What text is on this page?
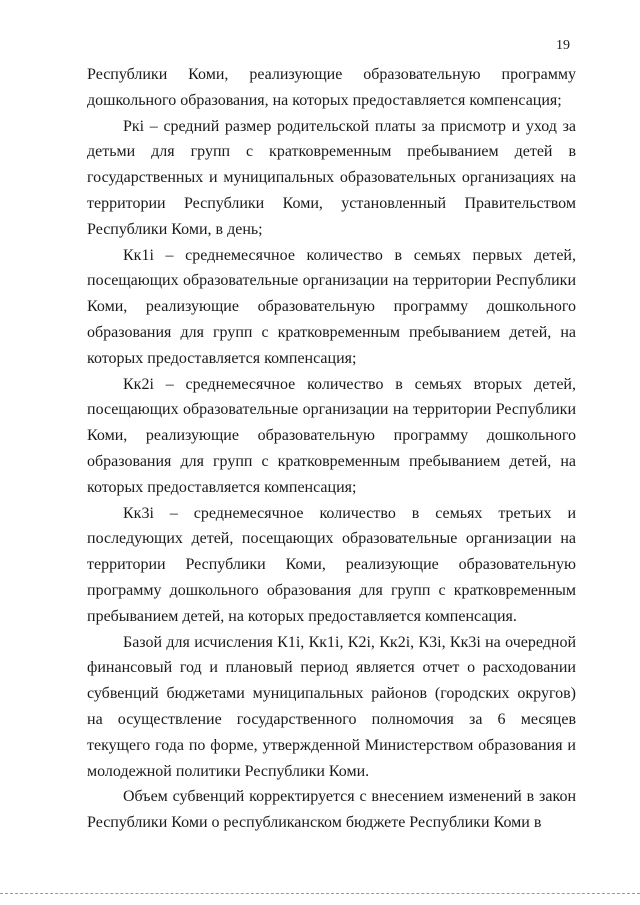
19

Республики Коми, реализующие образовательную программу дошкольного образования, на которых предоставляется компенсация;

Pкi – средний размер родительской платы за присмотр и уход за детьми для групп с кратковременным пребыванием детей в государственных и муниципальных образовательных организациях на территории Республики Коми, установленный Правительством Республики Коми, в день;

Кк1i – среднемесячное количество в семьях первых детей, посещающих образовательные организации на территории Республики Коми, реализующие образовательную программу дошкольного образования для групп с кратковременным пребыванием детей, на которых предоставляется компенсация;

Кк2i – среднемесячное количество в семьях вторых детей, посещающих образовательные организации на территории Республики Коми, реализующие образовательную программу дошкольного образования для групп с кратковременным пребыванием детей, на которых предоставляется компенсация;

Кк3i – среднемесячное количество в семьях третьих и последующих детей, посещающих образовательные организации на территории Республики Коми, реализующие образовательную программу дошкольного образования для групп с кратковременным пребыванием детей, на которых предоставляется компенсация.

Базой для исчисления К1i, Кк1i, К2i, Кк2i, К3i, Кк3i на очередной финансовый год и плановый период является отчет о расходовании субвенций бюджетами муниципальных районов (городских округов) на осуществление государственного полномочия за 6 месяцев текущего года по форме, утвержденной Министерством образования и молодежной политики Республики Коми.

Объем субвенций корректируется с внесением изменений в закон Республики Коми о республиканском бюджете Республики Коми в
